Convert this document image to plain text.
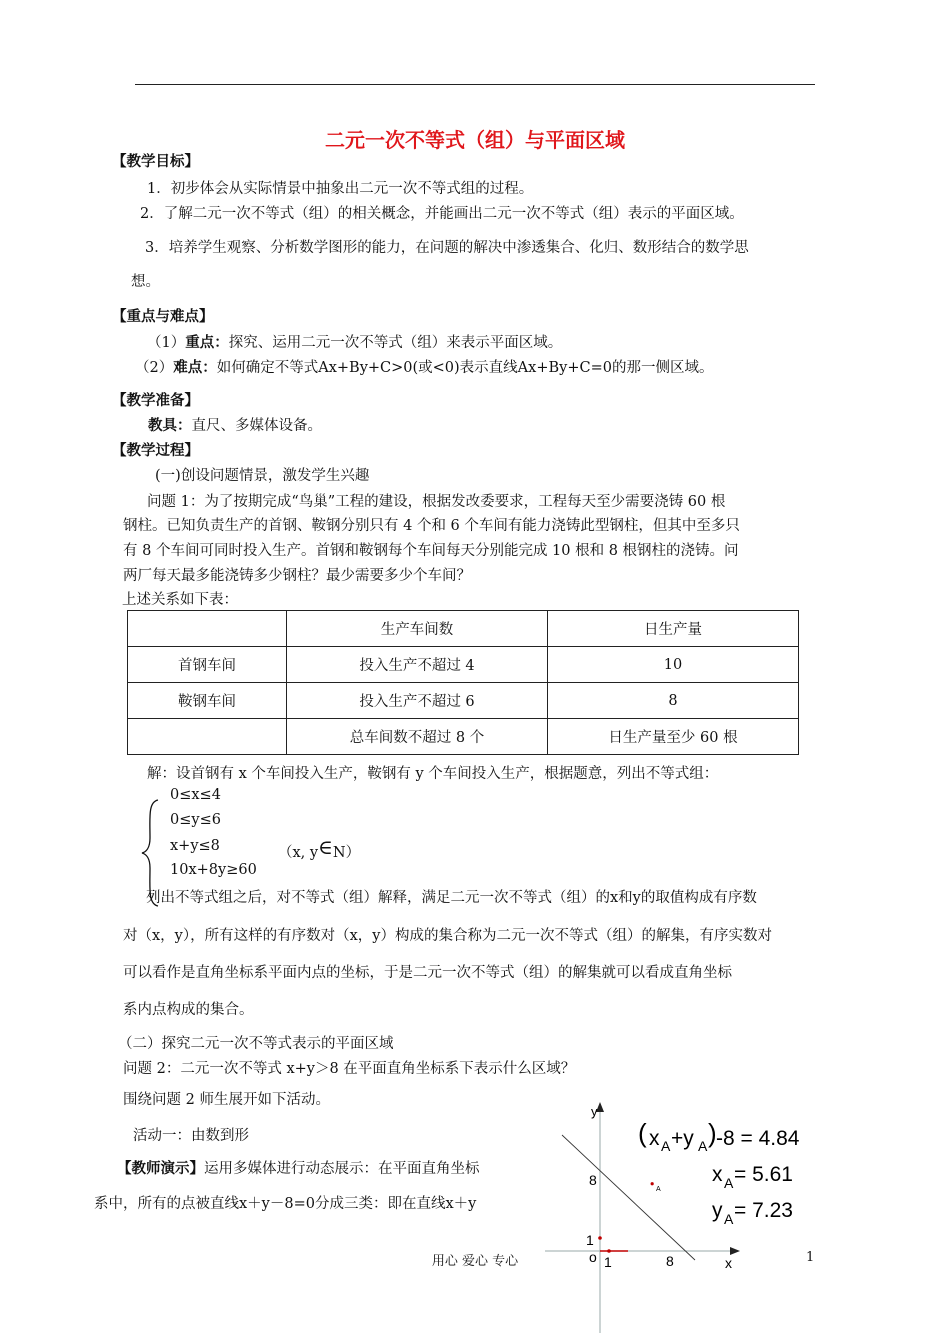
二元一次不等式（组）与平面区域
【教学目标】
1．初步体会从实际情景中抽象出二元一次不等式组的过程。
2．了解二元一次不等式（组）的相关概念，并能画出二元一次不等式（组）表示的平面区域。
3．培养学生观察、分析数学图形的能力，在问题的解决中渗透集合、化归、数形结合的数学思
想。
【重点与难点】
（1）重点：探究、运用二元一次不等式（组）来表示平面区域。
（2）难点：如何确定不等式Ax+By+C>0(或<0)表示直线Ax+By+C=0的那一侧区域。
【教学准备】
教具：直尺、多媒体设备。
【教学过程】
(一)创设问题情景，激发学生兴趣
问题 1：为了按期完成“鸟巢”工程的建设，根据发改委要求，工程每天至少需要浇铸 60 根
钢柱。已知负责生产的首钢、鞍钢分别只有 4 个和 6 个车间有能力浇铸此型钢柱，但其中至多只
有 8 个车间可同时投入生产。首钢和鞍钢每个车间每天分别能完成 10 根和 8 根钢柱的浇铸。问
两厂每天最多能浇铸多少钢柱？最少需要多少个车间？
上述关系如下表：
	生产车间数	日生产量
首钢车间	投入生产不超过 4	10
鞍钢车间	投入生产不超过 6	8
	总车间数不超过 8 个	日生产量至少 60 根
解：设首钢有 x 个车间投入生产，鞍钢有 y 个车间投入生产，根据题意，列出不等式组：
0≤x≤4
0≤y≤6
x+y≤8	（x, y∈N）
10x+8y≥60
列出不等式组之后，对不等式（组）解释，满足二元一次不等式（组）的x和y的取值构成有序数
对（x，y），所有这样的有序数对（x，y）构成的集合称为二元一次不等式（组）的解集，有序实数对
可以看作是直角坐标系平面内点的坐标，于是二元一次不等式（组）的解集就可以看成直角坐标
系内点构成的集合。
（二）探究二元一次不等式表示的平面区域
问题 2：二元一次不等式 x+y＞8 在平面直角坐标系下表示什么区域？
围绕问题 2 师生展开如下活动。
活动一：由数到形
【教师演示】运用多媒体进行动态展示：在平面直角坐标
系中，所有的点被直线x＋y－8=0分成三类：即在直线x＋y
y
x
o
8
1
1	8
A
( x A +y A ) -8 = 4.84
x A = 5.61
y A = 7.23
用心 爱心 专心	1
